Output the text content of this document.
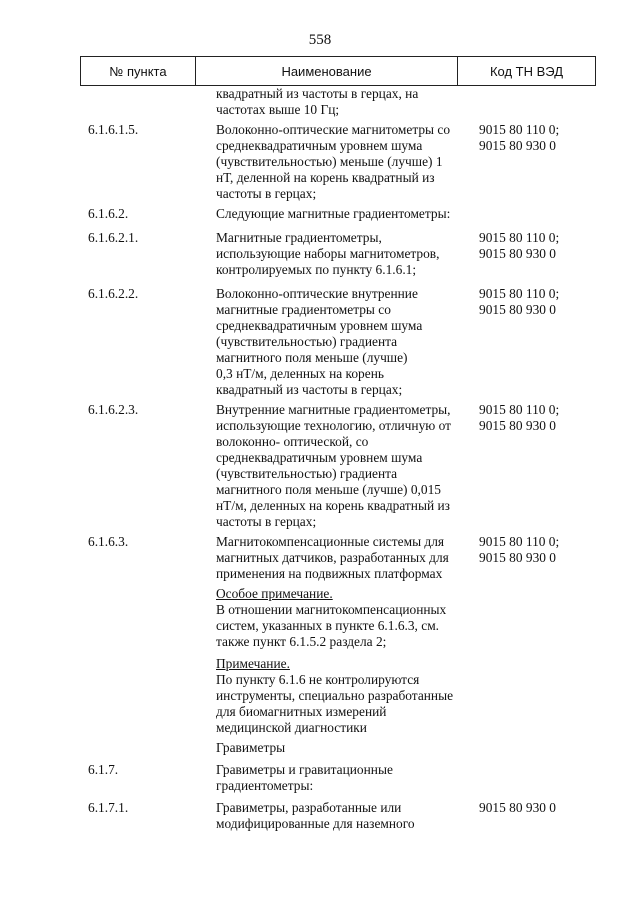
558
№ пункта	Наименование	Код ТН ВЭД
квадратный из частоты в герцах, на
частотах выше 10 Гц;
6.1.6.1.5.	Волоконно-оптические магнитометры со
среднеквадратичным уровнем шума
(чувствительностью) меньше (лучше) 1
нТ, деленной на корень квадратный из
частоты в герцах;
9015 80 110 0;
9015 80 930 0
6.1.6.2.	Следующие магнитные градиентометры:
6.1.6.2.1.	Магнитные градиентометры,
использующие наборы магнитометров,
контролируемых по пункту 6.1.6.1;
9015 80 110 0;
9015 80 930 0
6.1.6.2.2.	Волоконно-оптические внутренние
магнитные градиентометры со
среднеквадратичным уровнем шума
(чувствительностью) градиента
магнитного поля меньше (лучше)
0,3 нТ/м, деленных на корень
квадратный из частоты в герцах;
9015 80 110 0;
9015 80 930 0
6.1.6.2.3.	Внутренние магнитные градиентометры,
использующие технологию, отличную от
волоконно- оптической, со
среднеквадратичным уровнем шума
(чувствительностью) градиента
магнитного поля меньше (лучше) 0,015
нТ/м, деленных на корень квадратный из
частоты в герцах;
9015 80 110 0;
9015 80 930 0
6.1.6.3.	Магнитокомпенсационные системы для
магнитных датчиков, разработанных для
применения на подвижных платформах
9015 80 110 0;
9015 80 930 0
Особое примечание.
В отношении магнитокомпенсационных
систем, указанных в пункте 6.1.6.3, см.
также пункт 6.1.5.2 раздела 2;
Примечание.
По пункту 6.1.6 не контролируются
инструменты, специально разработанные
для биомагнитных измерений
медицинской диагностики
Гравиметры
6.1.7.	Гравиметры и гравитационные
градиентометры:
6.1.7.1.	Гравиметры, разработанные или
модифицированные для наземного
9015 80 930 0
